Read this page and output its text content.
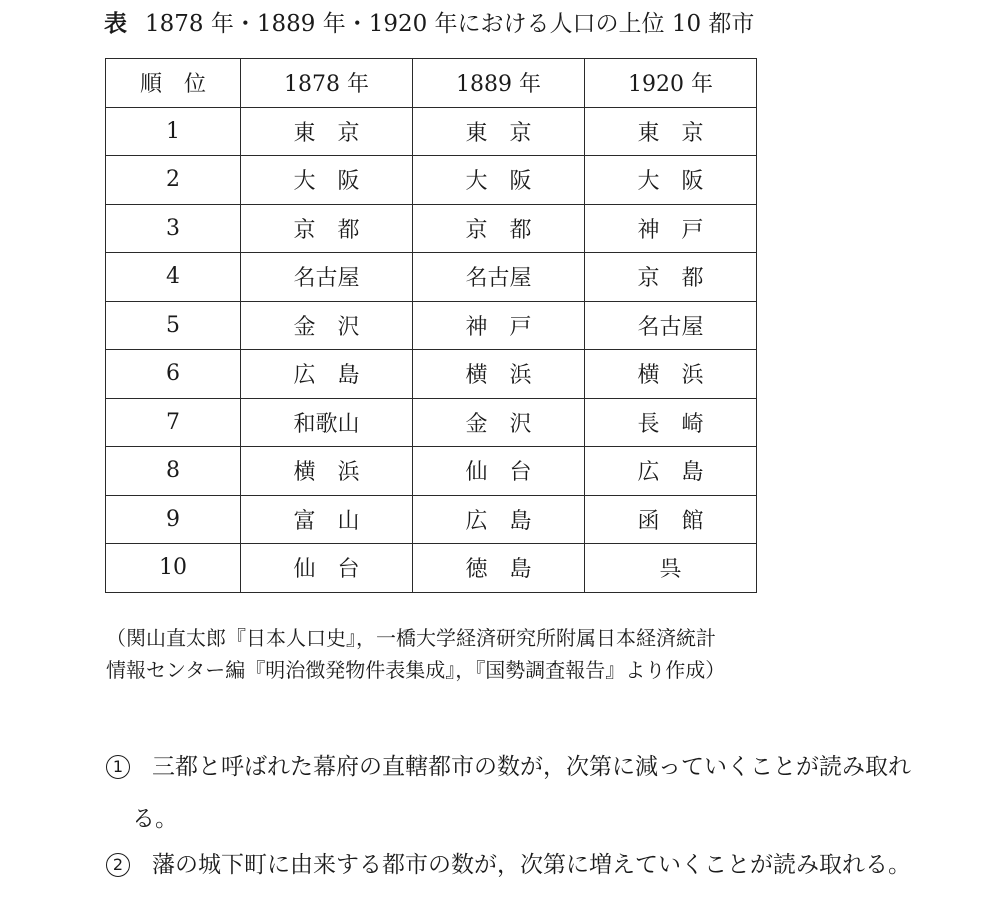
表 1878 年・1889 年・1920 年における人口の上位 10 都市
順　位	1878 年	1889 年	1920 年
1	東　京	東　京	東　京
2	大　阪	大　阪	大　阪
3	京　都	京　都	神　戸
4	名古屋	名古屋	京　都
5	金　沢	神　戸	名古屋
6	広　島	横　浜	横　浜
7	和歌山	金　沢	長　崎
8	横　浜	仙　台	広　島
9	富　山	広　島	函　館
10	仙　台	徳　島	呉
（関山直太郎『日本人口史』，一橋大学経済研究所附属日本経済統計
情報センター編『明治徴発物件表集成』，『国勢調査報告』より作成）
1 三都と呼ばれた幕府の直轄都市の数が，次第に減っていくことが読み取れ
る。
2 藩の城下町に由来する都市の数が，次第に増えていくことが読み取れる。
